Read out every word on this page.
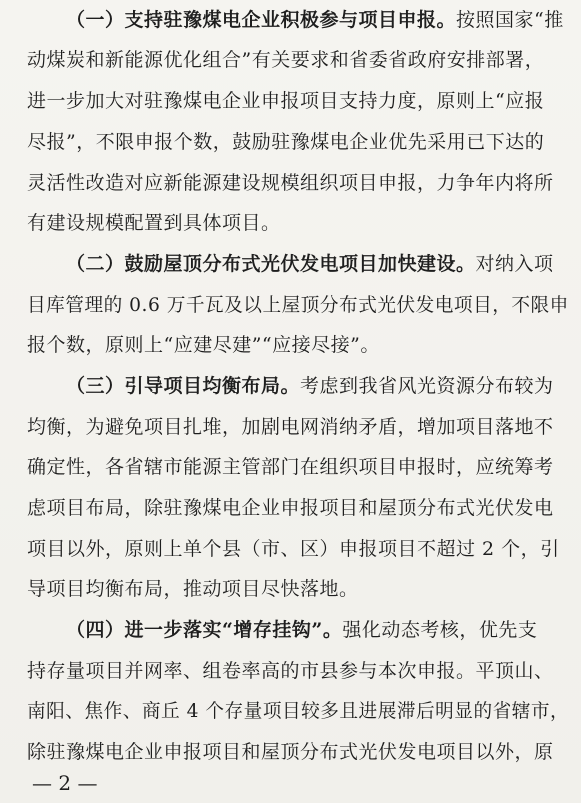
（一）支持驻豫煤电企业积极参与项目申报。按照国家“推
动煤炭和新能源优化组合”有关要求和省委省政府安排部署，
进一步加大对驻豫煤电企业申报项目支持力度，原则上“应报
尽报”，不限申报个数，鼓励驻豫煤电企业优先采用已下达的
灵活性改造对应新能源建设规模组织项目申报，力争年内将所
有建设规模配置到具体项目。
（二）鼓励屋顶分布式光伏发电项目加快建设。对纳入项
目库管理的 0.6 万千瓦及以上屋顶分布式光伏发电项目，不限申
报个数，原则上“应建尽建”“应接尽接”。
（三）引导项目均衡布局。考虑到我省风光资源分布较为
均衡，为避免项目扎堆，加剧电网消纳矛盾，增加项目落地不
确定性，各省辖市能源主管部门在组织项目申报时，应统筹考
虑项目布局，除驻豫煤电企业申报项目和屋顶分布式光伏发电
项目以外，原则上单个县（市、区）申报项目不超过 2 个，引
导项目均衡布局，推动项目尽快落地。
（四）进一步落实“增存挂钩”。强化动态考核，优先支
持存量项目并网率、组卷率高的市县参与本次申报。平顶山、
南阳、焦作、商丘 4 个存量项目较多且进展滞后明显的省辖市，
除驻豫煤电企业申报项目和屋顶分布式光伏发电项目以外，原
— 2 —
